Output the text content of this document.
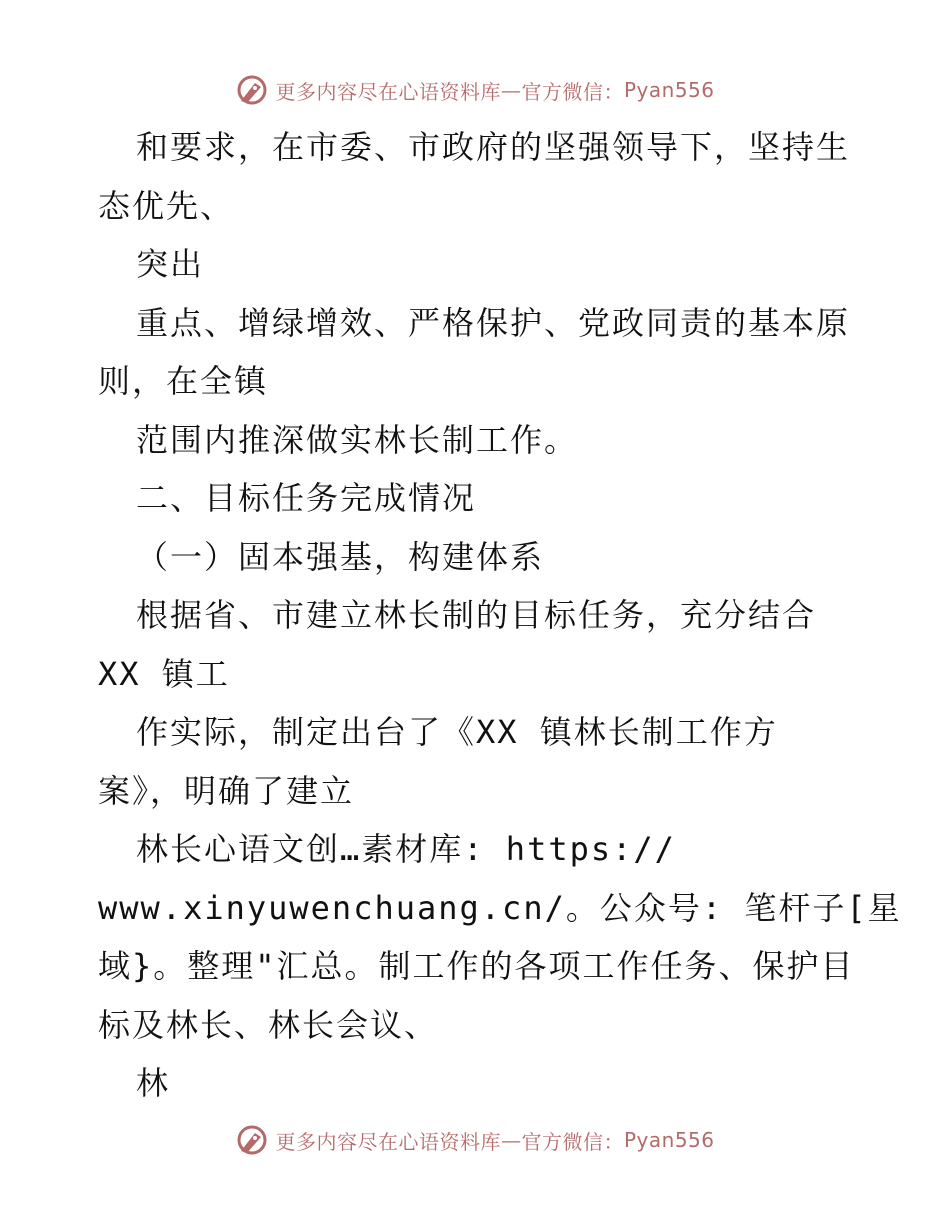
更多内容尽在心语资料库 — 官方微信： Pyan556
和要求，在市委、市政府的坚强领导下，坚持生
态优先、
突出
重点、增绿增效、严格保护、党政同责的基本原
则，在全镇
范围内推深做实林长制工作。
二、目标任务完成情况
（一）固本强基，构建体系
根据省、市建立林长制的目标任务，充分结合
XX 镇工
作实际，制定出台了《XX 镇林长制工作方
案》，明确了建立
林长心语文创…素材库: https://
www.xinyuwenchuang.cn/。公众号: 笔杆子[星
域}。整理"汇总。制工作的各项工作任务、保护目
标及林长、林长会议、
林
更多内容尽在心语资料库 — 官方微信： Pyan556
